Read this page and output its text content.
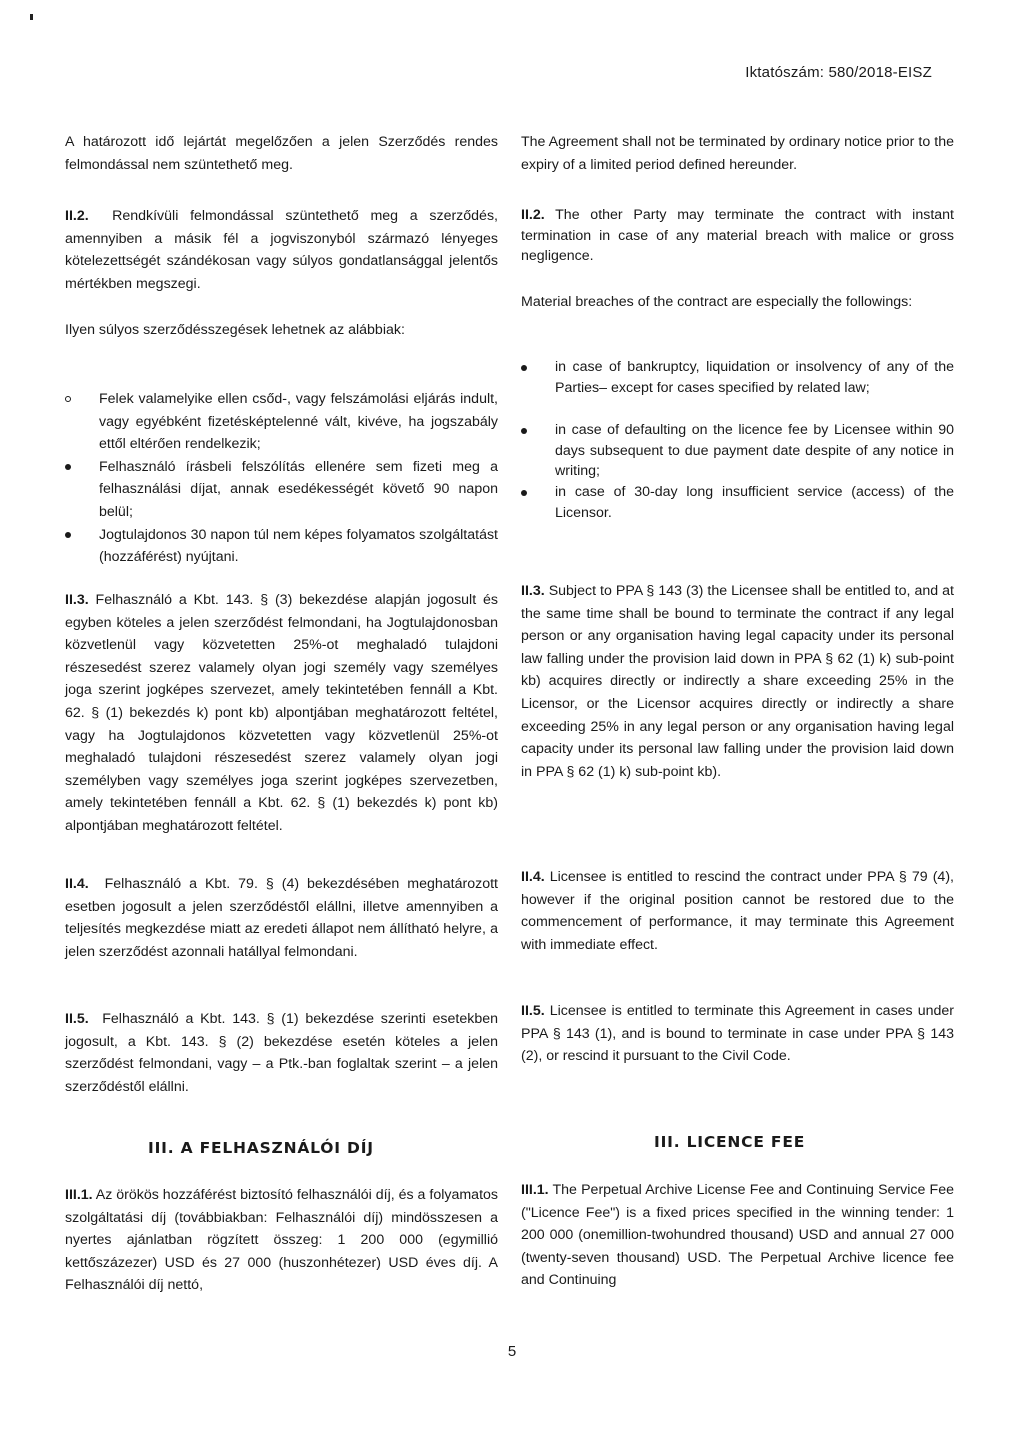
Iktatószám: 580/2018-EISZ

A határozott idő lejártát megelőzően a jelen Szerződés rendes felmondással nem szüntethető meg.

II.2. Rendkívüli felmondással szüntethető meg a szerződés, amennyiben a másik fél a jogviszonyból származó lényeges kötelezettségét szándékosan vagy súlyos gondatlansággal jelentős mértékben megszegi.

Ilyen súlyos szerződésszegések lehetnek az alábbiak:

Felek valamelyike ellen csőd-, vagy felszámolási eljárás indult, vagy egyébként fizetésképtelenné vált, kivéve, ha jogszabály ettől eltérően rendelkezik;
Felhasználó írásbeli felszólítás ellenére sem fizeti meg a felhasználási díjat, annak esedékességét követő 90 napon belül;
Jogtulajdonos 30 napon túl nem képes folyamatos szolgáltatást (hozzáférést) nyújtani.

II.3. Felhasználó a Kbt. 143. § (3) bekezdése alapján jogosult és egyben köteles a jelen szerződést felmondani, ha Jogtulajdonosban közvetlenül vagy közvetetten 25%-ot meghaladó tulajdoni részesedést szerez valamely olyan jogi személy vagy személyes joga szerint jogképes szervezet, amely tekintetében fennáll a Kbt. 62. § (1) bekezdés k) pont kb) alpontjában meghatározott feltétel, vagy ha Jogtulajdonos közvetetten vagy közvetlenül 25%-ot meghaladó tulajdoni részesedést szerez valamely olyan jogi személyben vagy személyes joga szerint jogképes szervezetben, amely tekintetében fennáll a Kbt. 62. § (1) bekezdés k) pont kb) alpontjában meghatározott feltétel.

II.4. Felhasználó a Kbt. 79. § (4) bekezdésében meghatározott esetben jogosult a jelen szerződéstől elállni, illetve amennyiben a teljesítés megkezdése miatt az eredeti állapot nem állítható helyre, a jelen szerződést azonnali hatállyal felmondani.

II.5. Felhasználó a Kbt. 143. § (1) bekezdése szerinti esetekben jogosult, a Kbt. 143. § (2) bekezdése esetén köteles a jelen szerződést felmondani, vagy – a Ptk.-ban foglaltak szerint – a jelen szerződéstől elállni.

III. A FELHASZNÁLÓI DÍJ

III.1. Az örökös hozzáférést biztosító felhasználói díj, és a folyamatos szolgáltatási díj (továbbiakban: Felhasználói díj) mindösszesen a nyertes ajánlatban rögzített összeg: 1 200 000 (egymillió kettőszázezer) USD és 27 000 (huszonhétezer) USD éves díj. A Felhasználói díj nettó,

The Agreement shall not be terminated by ordinary notice prior to the expiry of a limited period defined hereunder.

II.2. The other Party may terminate the contract with instant termination in case of any material breach with malice or gross negligence.

Material breaches of the contract are especially the followings:

in case of bankruptcy, liquidation or insolvency of any of the Parties– except for cases specified by related law;
in case of defaulting on the licence fee by Licensee within 90 days subsequent to due payment date despite of any notice in writing;
in case of 30-day long insufficient service (access) of the Licensor.

II.3. Subject to PPA § 143 (3) the Licensee shall be entitled to, and at the same time shall be bound to terminate the contract if any legal person or any organisation having legal capacity under its personal law falling under the provision laid down in PPA § 62 (1) k) sub-point kb) acquires directly or indirectly a share exceeding 25% in the Licensor, or the Licensor acquires directly or indirectly a share exceeding 25% in any legal person or any organisation having legal capacity under its personal law falling under the provision laid down in PPA § 62 (1) k) sub-point kb).

II.4. Licensee is entitled to rescind the contract under PPA § 79 (4), however if the original position cannot be restored due to the commencement of performance, it may terminate this Agreement with immediate effect.

II.5. Licensee is entitled to terminate this Agreement in cases under PPA § 143 (1), and is bound to terminate in case under PPA § 143 (2), or rescind it pursuant to the Civil Code.

III. LICENCE FEE

III.1. The Perpetual Archive License Fee and Continuing Service Fee ("Licence Fee") is a fixed prices specified in the winning tender: 1 200 000 (onemillion-twohundred thousand) USD and annual 27 000 (twenty-seven thousand) USD. The Perpetual Archive licence fee and Continuing

5
